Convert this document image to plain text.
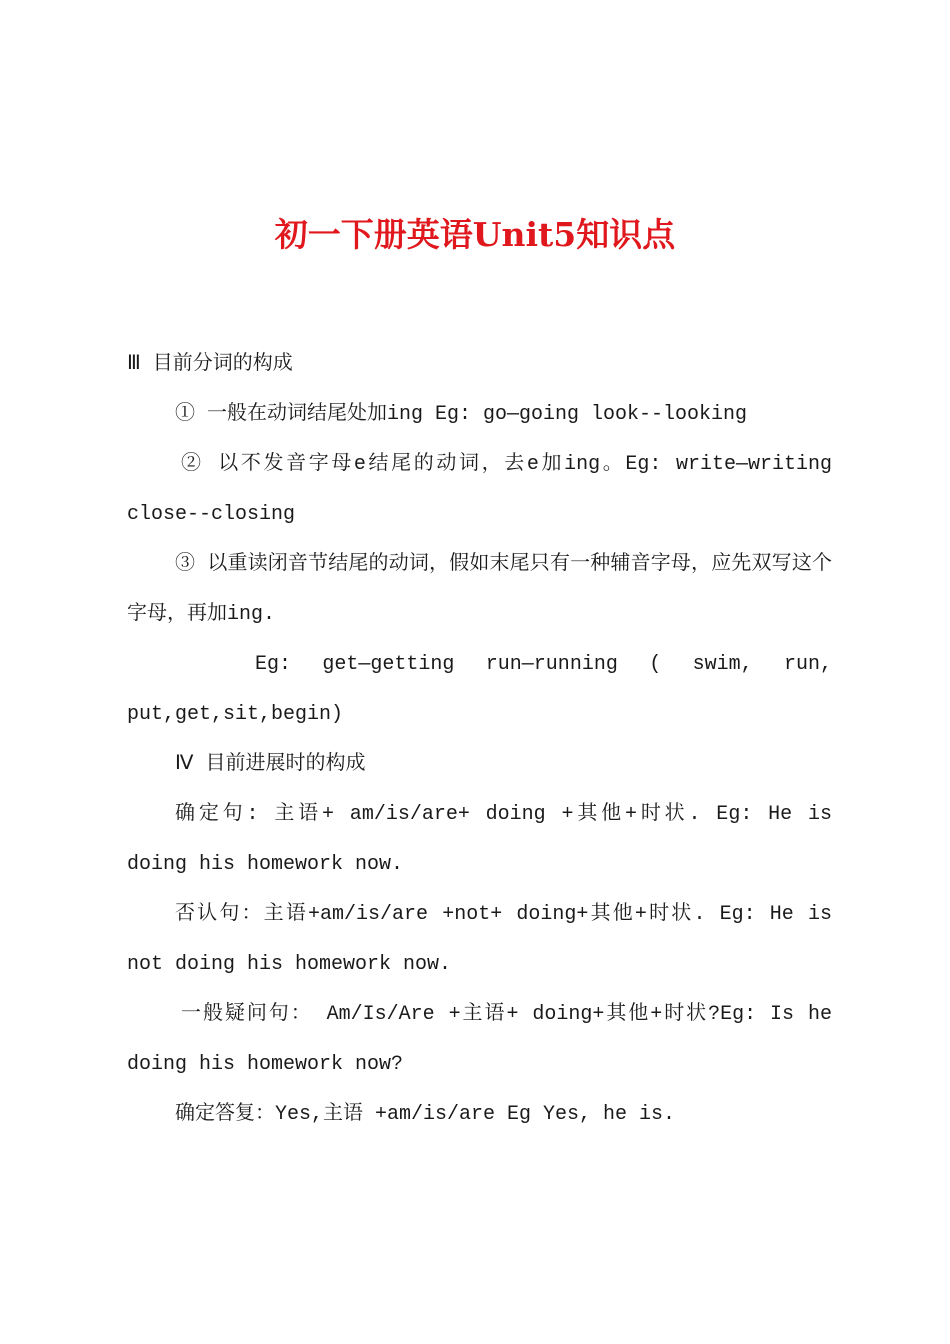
初一下册英语Unit5知识点

Ⅲ 目前分词的构成

① 一般在动词结尾处加ing Eg: go—going look--looking

② 以不发音字母e结尾的动词，去e加ing。Eg: write—writing close--closing

③ 以重读闭音节结尾的动词，假如末尾只有一种辅音字母，应先双写这个字母，再加ing.

Eg: get—getting run—running ( swim, run, put,get,sit,begin)

Ⅳ 目前进展时的构成

确定句: 主语+ am/is/are+ doing +其他+时状. Eg: He is doing his homework now.

否认句：主语+am/is/are +not+ doing+其他+时状. Eg: He is not doing his homework now.

一般疑问句： Am/Is/Are +主语+ doing+其他+时状?Eg: Is he doing his homework now?

确定答复：Yes,主语 +am/is/are Eg Yes, he is.
